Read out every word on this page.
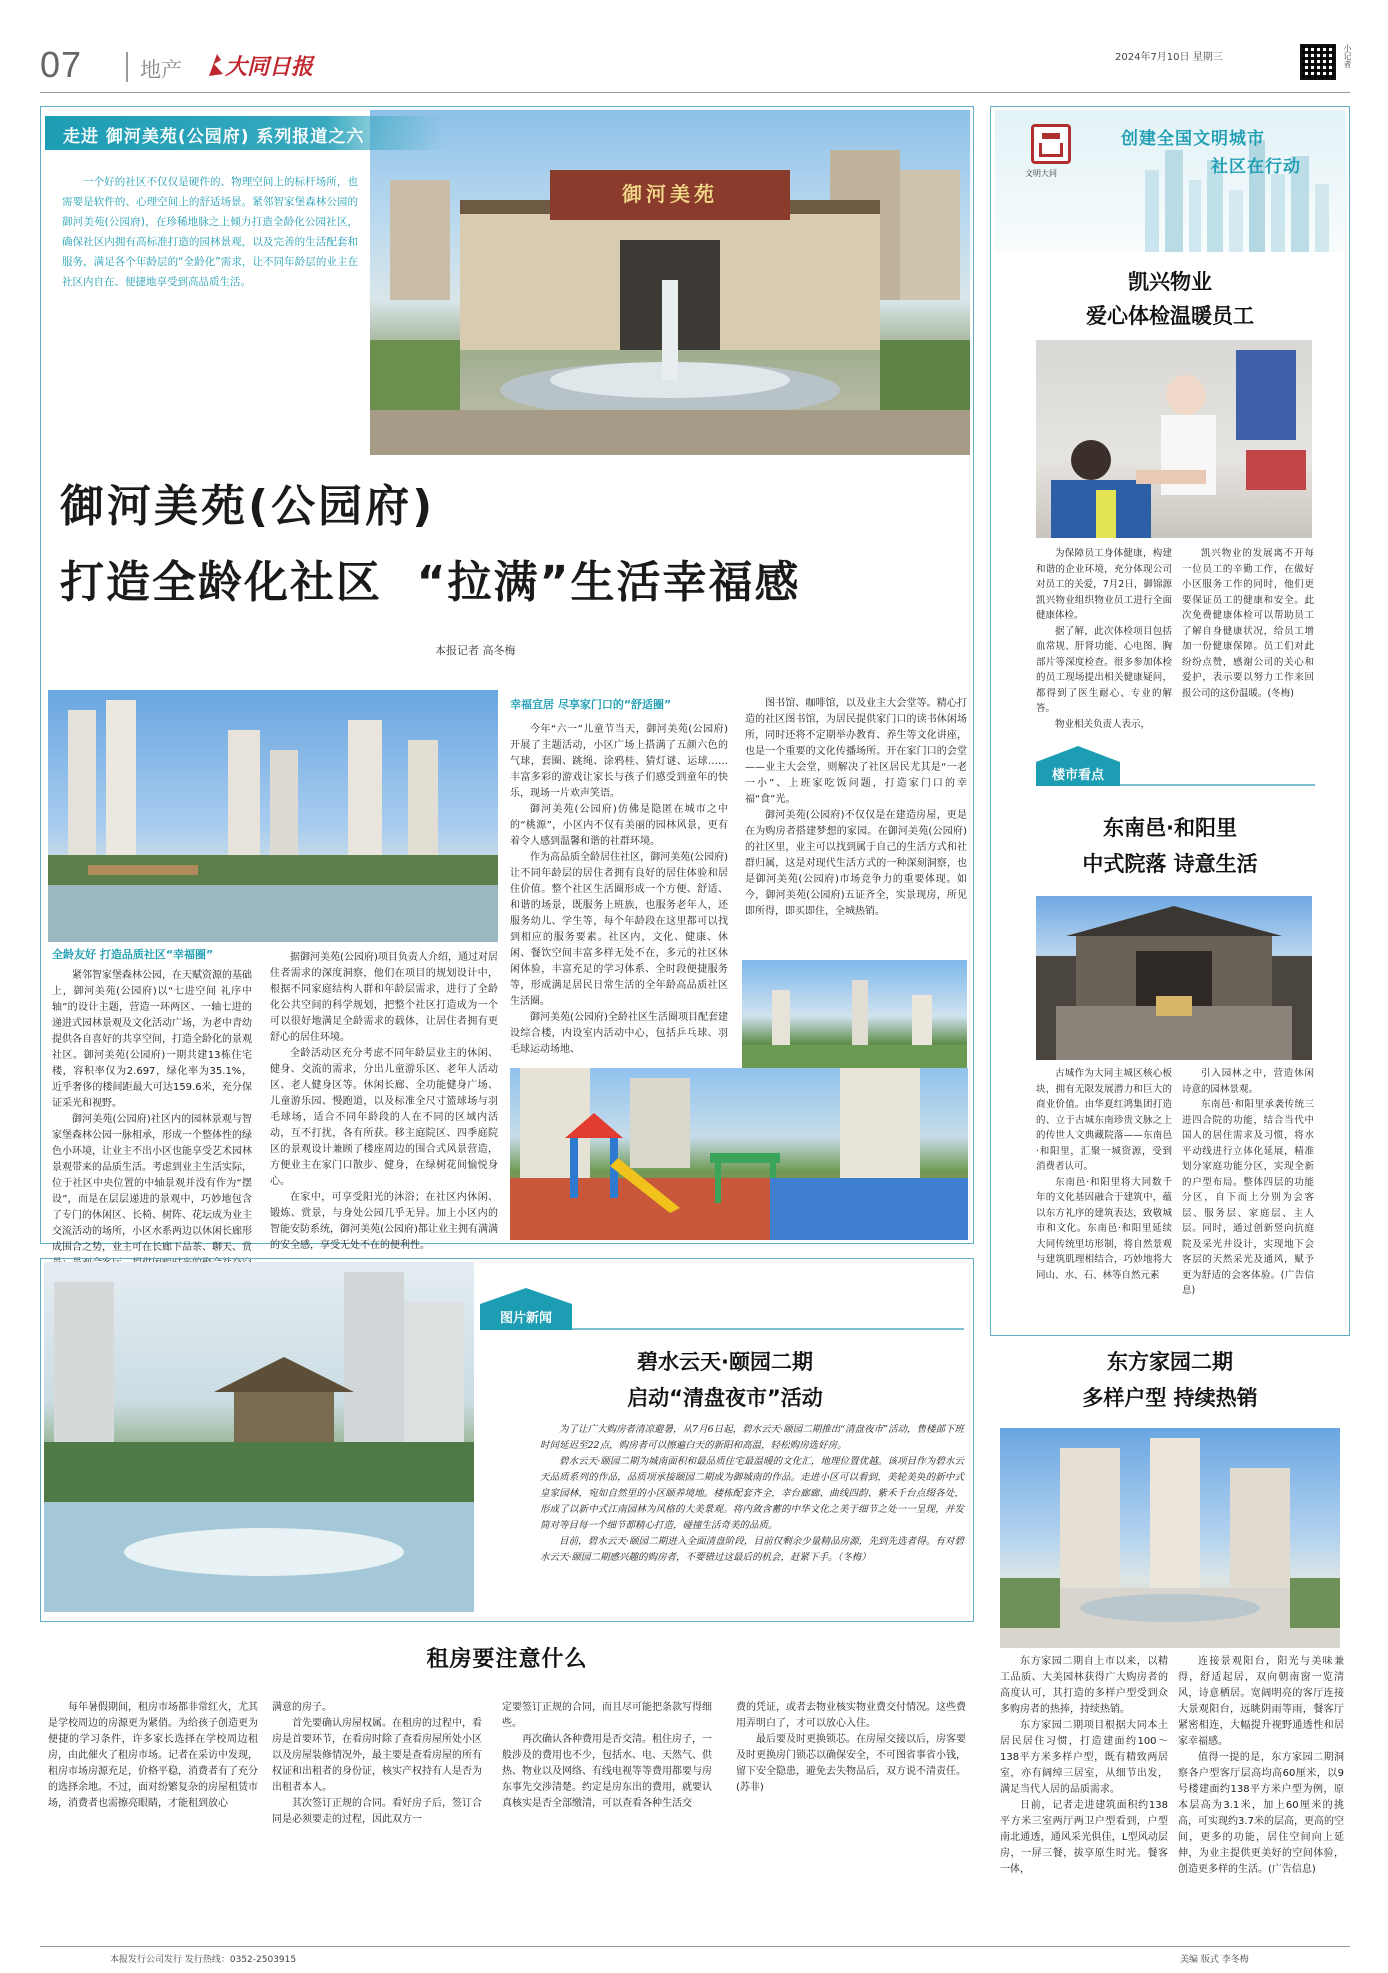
07	地产 大同日报	2024年7月10日 星期三	小记者
御河美苑
走进 御河美苑(公园府) 系列报道之六
一个好的社区不仅仅是硬件的、物理空间上的标杆场所，也需要是软件的、心理空间上的舒适场景。紧邻智家堡森林公园的御河美苑(公园府)，在珍稀地脉之上倾力打造全龄化公园社区，确保社区内拥有高标准打造的园林景观，以及完善的生活配套和服务，满足各个年龄层的“全龄化”需求，让不同年龄层的业主在社区内自在、便捷地享受到高品质生活。
御河美苑(公园府)
打造全龄化社区  “拉满”生活幸福感
本报记者 高冬梅
全龄友好 打造品质社区“幸福圈”

紧邻智家堡森林公园，在天赋资源的基础上，御河美苑(公园府)以“七进空间 礼序中轴”的设计主题，营造一环两区、一轴七进的递进式园林景观及文化活动广场，为老中青幼提供各自喜好的共享空间，打造全龄化的景观社区。御河美苑(公园府)一期共建13栋住宅楼，容积率仅为2.697，绿化率为35.1%，近乎奢侈的楼间距最大可达159.6米，充分保证采光和视野。

御河美苑(公园府)社区内的园林景观与智家堡森林公园一脉相承，形成一个整体性的绿色小环境，让业主不出小区也能享受艺术园林景观带来的品质生活。考虑到业主生活实际，位于社区中央位置的中轴景观并没有作为“摆设”，而是在层层递进的景观中，巧妙地包含了专门的休闲区、长椅、树阵、花坛成为业主交流活动的场所，小区水系两边以休闲长廊形成围合之势，业主可在长廊下品茶、聊天、赏

据御河美苑(公园府)项目负责人介绍，通过对居住者需求的深度洞察，他们在项目的规划设计中，根据不同家庭结构人群和年龄层需求，进行了全龄化公共空间的科学规划，把整个社区打造成为一个可以很好地满足全龄需求的载体，让居住者拥有更舒心的居住环境。

全龄活动区充分考虑不同年龄层业主的休闲、健身、交流的需求，分出儿童游乐区、老年人活动区、老人健身区等。休闲长廊、全功能健身广场、儿童游乐园、慢跑道，以及标准全尺寸篮球场与羽毛球场，适合不同年龄段的人在不同的区域内活动，互不打扰，各有所获。移主庭院区、四季庭院区的景观设计兼顾了楼座周边的围合式风景营造，方便业主在家门口散步、健身，在绿树花间愉悦身心。

在家中，可享受阳光的沐浴；在社区内休闲、锻炼、赏景，与身处公园几乎无异。加上小区内的智能安防系统，御河美苑(公园府)都让业主拥有满满的安全感，享受无处不在的便利性。

幸福宜居 尽享家门口的“舒适圈”

今年“六一”儿童节当天，御河美苑(公园府)开展了主题活动，小区广场上搭满了五颜六色的气球，套圈、跳绳、涂鸦桂、猜灯谜、运球……丰富多彩的游戏让家长与孩子们感受到童年的快乐，现场一片欢声笑语。

御河美苑(公园府)仿佛是隐匿在城市之中的“桃源”，小区内不仅有美丽的园林风景，更有着令人感到温馨和谐的社群环境。

作为高品质全龄居住社区，御河美苑(公园府)让不同年龄层的居住者拥有良好的居住体验和居住价值。整个社区生活圈形成一个方便、舒适、和谐的场景，既服务上班族，也服务老年人，还服务幼儿、学生等，每个年龄段在这里都可以找到相应的服务要素。社区内，文化、健康、休闲、餐饮空间丰富多样无处不在，多元的社区休闲体验，丰富充足的学习体系、全时段便捷服务等，形成满足居民日常生活的全年龄高品质社区生活圈。

御河美苑(公园府)全龄社区生活圈项目配套建设综合楼，内设室内活动中心，包括乒乓球、羽毛球运动场地、

图书馆、咖啡馆，以及业主大会堂等。精心打造的社区图书馆，为居民提供家门口的读书休闲场所，同时还将不定期举办教育、养生等文化讲座，也是一个重要的文化传播场所。开在家门口的会堂——业主大会堂，则解决了社区居民尤其是“一老一小”、上班家吃饭问题，打造家门口的幸福“食”光。

御河美苑(公园府)不仅仅是在建造房屋，更是在为购房者搭建梦想的家园。在御河美苑(公园府)的社区里，业主可以找到属于自己的生活方式和社群归属，这是对现代生活方式的一种深刻洞察，也是御河美苑(公园府)市场竞争力的重要体现。如今，御河美苑(公园府)五证齐全，实景现房，所见即所得，即买即住，全城热销。

文明大同
创建全国文明城市
社区在行动
凯兴物业
爱心体检温暖员工

为保障员工身体健康，构建和谐的企业环境，充分体现公司对员工的关爱，7月2日，御锦源凯兴物业组织物业员工进行全面健康体检。

据了解，此次体检项目包括血常规、肝肾功能、心电图、胸部片等深度检查。很多参加体检的员工现场提出相关健康疑问，都得到了医生耐心、专业的解答。

物业相关负责人表示，

凯兴物业的发展离不开每一位员工的辛勤工作，在做好小区服务工作的同时，他们更要保证员工的健康和安全。此次免费健康体检可以帮助员工了解自身健康状况，给员工增加一份健康保障。员工们对此纷纷点赞，感谢公司的关心和爱护，表示要以努力工作来回报公司的这份温暖。(冬梅)

楼市看点
东南邑·和阳里
中式院落 诗意生活

古城作为大同主城区核心板块，拥有无限发展潜力和巨大的商业价值。由华夏红鸿集团打造的、立于古城东南珍贵文脉之上的传世人文典藏院落——东南邑·和阳里，汇聚一城资源，受到消费者认可。

东南邑·和阳里将大同数千年的文化基因融合于建筑中，蕴以东方礼序的建筑表达，致敬城市和文化。东南邑·和阳里延续大同传统里坊形制，将自然景观与建筑肌理相结合，巧妙地将大同山、水、石、林等自然元素

引入园林之中，营造休闲诗意的园林景观。

东南邑·和阳里承袭传统三进四合院的功能，结合当代中国人的居住需求及习惯，将水平动线进行立体化延展，精准划分家庭功能分区，实现全新的户型布局。整体四层的功能分区，自下而上分别为会客层、服务层、家庭层、主人层。同时，通过创新竖向抗庭院及采光井设计，实现地下会客层的天然采光及通风，赋予更为舒适的会客体验。(广告信息)

东方家园二期
多样户型 持续热销

东方家园二期自上市以来，以精工品质、大美园林获得广大购房者的高度认可，其打造的多样户型受到众多购房者的热捧，持续热销。

东方家园二期项目根据大同本土居民居住习惯，打造建面约100～138平方米多样户型，既有精致两居室，亦有阔绰三居室，从细节出发，满足当代人居的品质需求。

日前，记者走进建筑面积约138平方米三室两厅两卫户型看到，户型南北通透，通风采光俱佳，L型风动层房，一屏三餐，拔享原生时光。餐客一体，

连接景观阳台，阳光与美味兼得，舒适起居，双向朝南窗一览清风，诗意栖居。宽阔明亮的客厅连接大景观阳台，远眺阴雨等雨，餐客厅紧密相连，大幅提升视野通透性和居家幸福感。

值得一提的是，东方家园二期洞察各户型客厅层高均高60厘米，以9号楼建面约138平方米户型为例，原本层高为3.1米，加上60厘米的挑高，可实现约3.7米的层高，更高的空间，更多的功能，居住空间向上延伸，为业主提供更美好的空间体验，创造更多样的生活。(广告信息)

图片新闻
碧水云天·颐园二期
启动“清盘夜市”活动

为了让广大购房者清凉避暑，从7月6日起，碧水云天·颐园二期推出“清盘夜市”活动，售楼部下班时间延迟至22点，购房者可以擦遍白天的新阳和高温，轻松购房选好房。

碧水云天·颐园二期为城南面积和最品质住宅最温暖的文化汇，地理位置优越。该项目作为碧水云天品质系列的作品，品质项承接颐园二期成为御城南的作品。走进小区可以看到，美轮美奂的新中式皇家园林，宛如自然里的小区颐养境地。楼栋配套齐全，幸台廊廊、曲线四韵、紫禾千台点缀各处，形成了以新中式江南园林为风格的大美景观。将内敛含蓄的中华文化之美于细节之处一一呈现，并发简对等目每一个细节都精心打造，碰撞生活奇美的品质。

目前，碧水云天·颐园二期进入全面清盘阶段，目前仅剩余少量精品房源，先到先选者得。有对碧水云天·颐园二期感兴趣的购房者，不要错过这最后的机会，赶紧下手。（冬梅）

租房要注意什么

每年暑假期间，租房市场都非常红火，尤其是学校周边的房源更为紧俏。为给孩子创造更为便捷的学习条件，许多家长选择在学校周边租房，由此催火了租房市场。记者在采访中发现，租房市场房源充足，价格平稳，消费者有了充分的选择余地。不过，面对纷繁复杂的房屋租赁市场，消费者也需擦亮眼睛，才能租到放心

满意的房子。

首先要确认房屋权属。在租房的过程中，看房是首要环节，在看房时除了查看房屋所处小区以及房屋装修情况外，最主要是查看房屋的所有权证和出租者的身份证，核实产权持有人是否为出租者本人。

其次签订正规的合同。看好房子后，签订合同是必须要走的过程，因此双方一

定要签订正规的合同，而且尽可能把条款写得细些。

再次确认各种费用是否交清。租住房子，一般涉及的费用也不少，包括水、电、天然气、供热、物业以及网络、有线电视等等费用都要与房东事先交涉清楚。约定是房东出的费用，就要认真核实是否全部缴清，可以查看各种生活交

费的凭证，或者去物业核实物业费交付情况。这些费用弄明白了，才可以放心入住。

最后要及时更换锁芯。在房屋交接以后，房客要及时更换房门锁芯以确保安全，不可图省事省小钱，留下安全隐患，避免去失物品后，双方说不清责任。(苏非)

本报发行公司发行 发行热线：0352-2503915	美编 版式 李冬梅
